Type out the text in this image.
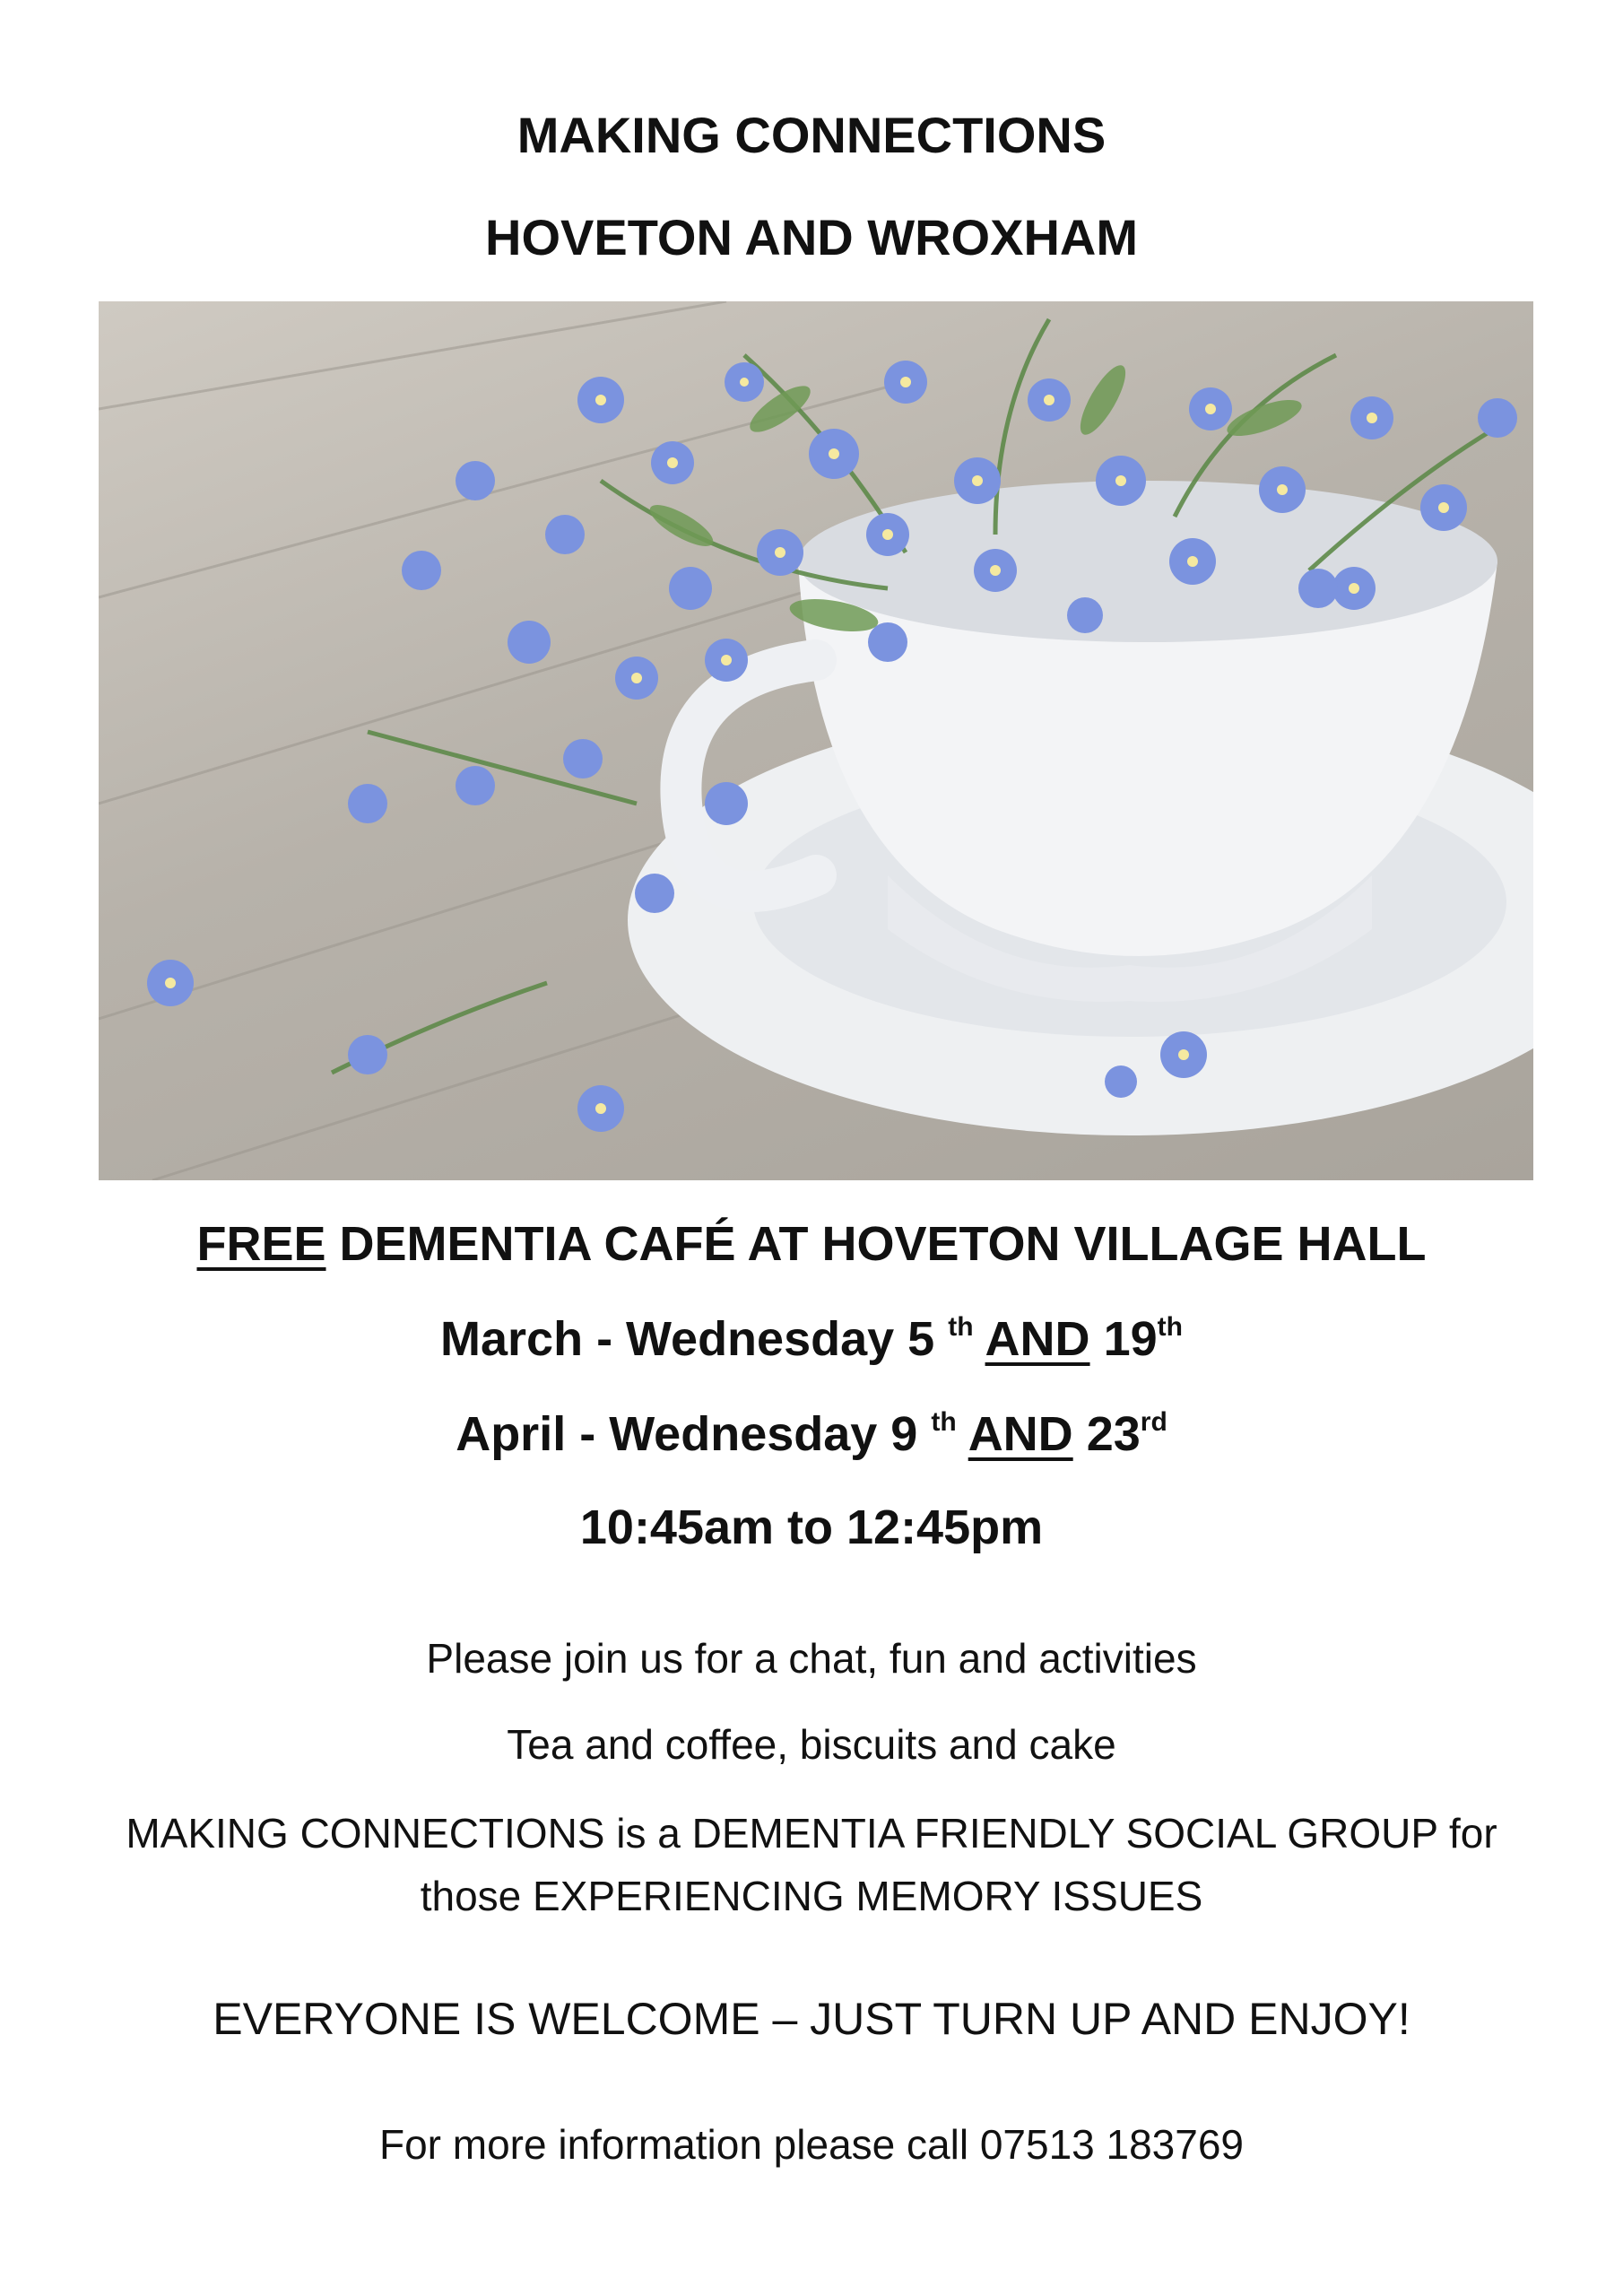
MAKING CONNECTIONS
HOVETON AND WROXHAM
FREE DEMENTIA CAFÉ AT HOVETON VILLAGE HALL
March - Wednesday 5 $^{th}$ AND 19th
April - Wednesday 9 $^{th}$ AND 23rd
10:45am to 12:45pm
Please join us for a chat, fun and activities
Tea and coffee, biscuits and cake
MAKING CONNECTIONS is a DEMENTIA FRIENDLY SOCIAL GROUP for
those EXPERIENCING MEMORY ISSUES
EVERYONE IS WELCOME – JUST TURN UP AND ENJOY!
For more information please call 07513 183769
